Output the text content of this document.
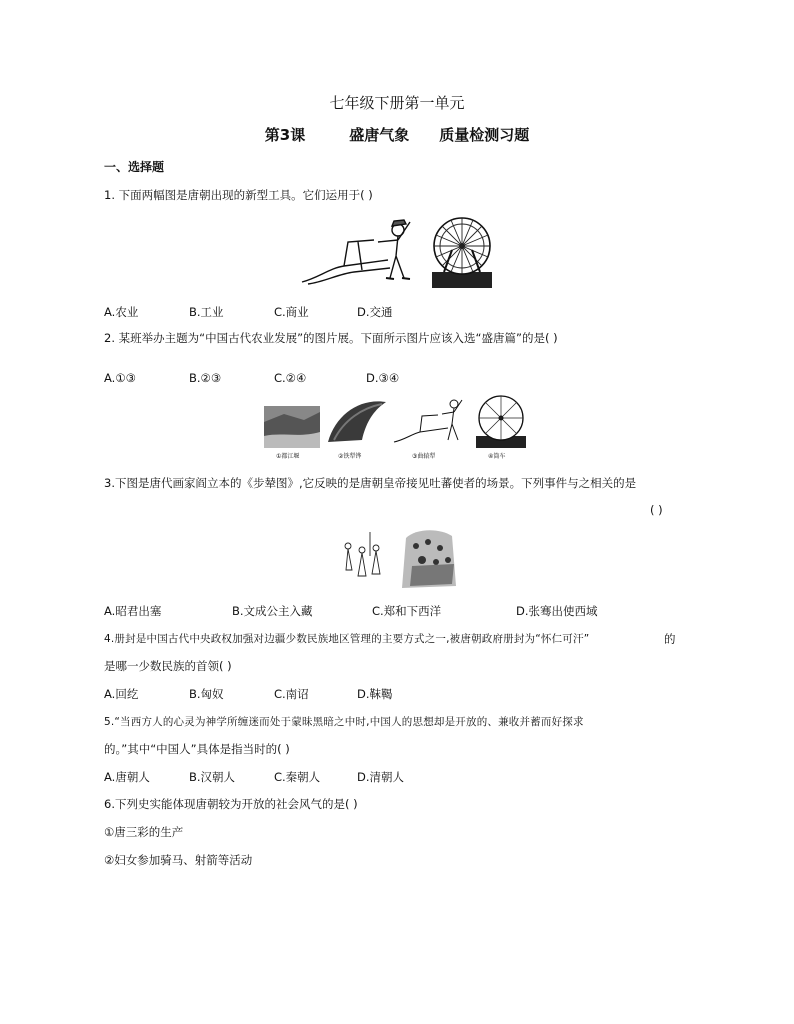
七年级下册第一单元
第3课	盛唐气象 质量检测习题
一、选择题
1. 下面两幅图是唐朝出现的新型工具。它们运用于( )
A.农业	B.工业	C.商业	D.交通
2. 某班举办主题为“中国古代农业发展”的图片展。下面所示图片应该入选“盛唐篇”的是( )
A.①③	B.②③	C.②④	D.③④
①都江堰	②铁犁铧	③曲辕犁	④筒车
3.下图是唐代画家阎立本的《步辇图》,它反映的是唐朝皇帝接见吐蕃使者的场景。下列事件与之相关的是
( )
A.昭君出塞	B.文成公主入藏	C.郑和下西洋	D.张骞出使西域
4.册封是中国古代中央政权加强对边疆少数民族地区管理的主要方式之一,被唐朝政府册封为“怀仁可汗”	的
是哪一少数民族的首领( )
A.回纥	B.匈奴	C.南诏	D.靺鞨
5.“当西方人的心灵为神学所缠迷而处于蒙昧黑暗之中时,中国人的思想却是开放的、兼收并蓄而好探求
的。”其中“中国人”具体是指当时的( )
A.唐朝人	B.汉朝人	C.秦朝人	D.清朝人
6.下列史实能体现唐朝较为开放的社会风气的是( )
①唐三彩的生产
②妇女参加骑马、射箭等活动
